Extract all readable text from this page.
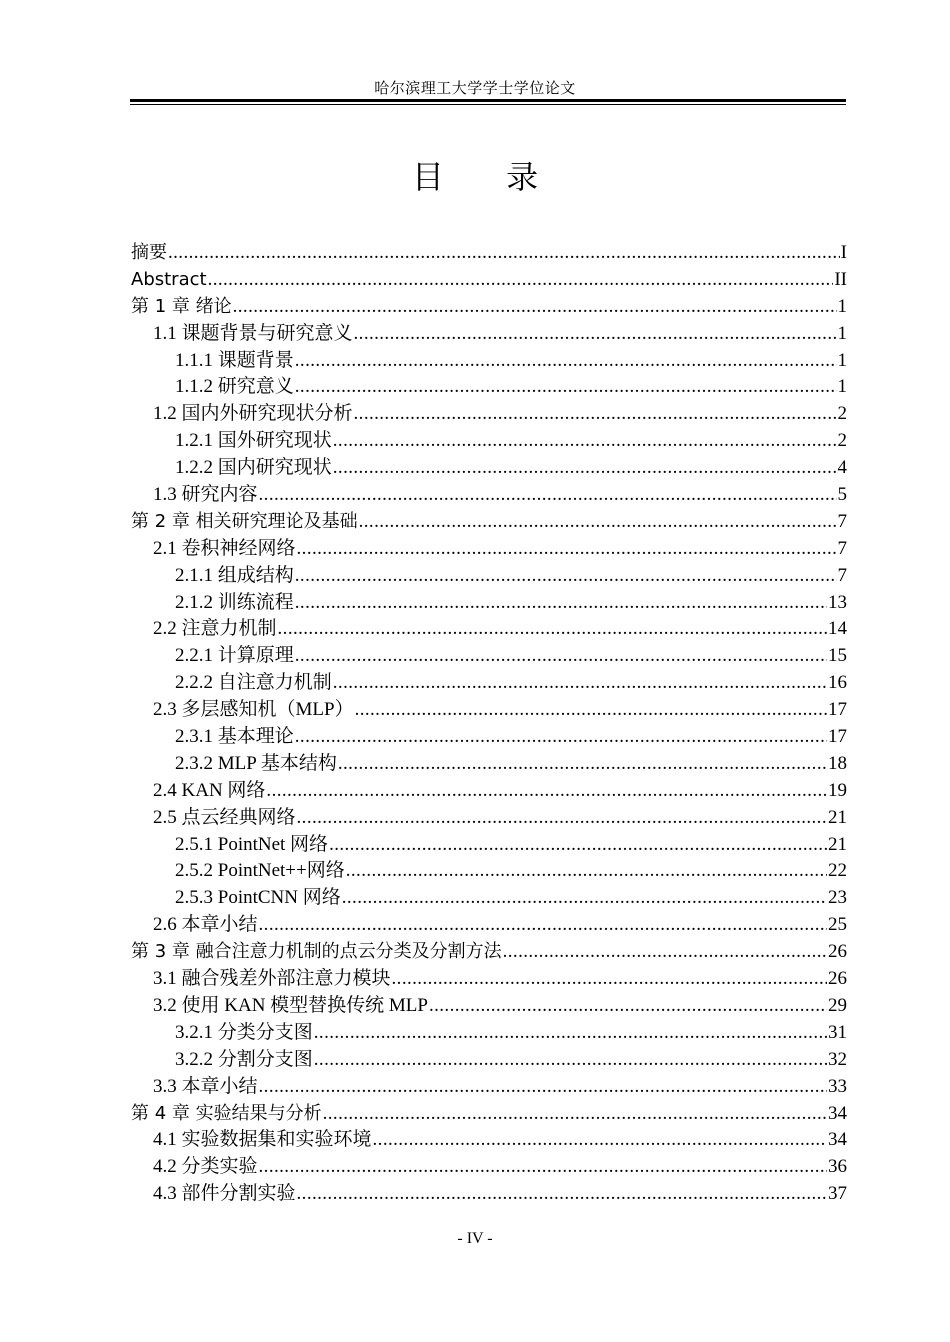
哈尔滨理工大学学士学位论文
目 录
摘要 .....	I
Abstract .....	II
第 1 章 绪论 .....	1
1.1 课题背景与研究意义 .....	1
1.1.1 课题背景 .....	1
1.1.2 研究意义 .....	1
1.2 国内外研究现状分析 .....	2
1.2.1 国外研究现状 .....	2
1.2.2 国内研究现状 .....	4
1.3 研究内容 .....	5
第 2 章 相关研究理论及基础 .....	7
2.1 卷积神经网络 .....	7
2.1.1 组成结构 .....	7
2.1.2 训练流程 .....	13
2.2 注意力机制 .....	14
2.2.1 计算原理 .....	15
2.2.2 自注意力机制 .....	16
2.3 多层感知机（MLP） .....	17
2.3.1 基本理论 .....	17
2.3.2 MLP 基本结构 .....	18
2.4 KAN 网络 .....	19
2.5 点云经典网络 .....	21
2.5.1 PointNet 网络 .....	21
2.5.2 PointNet++网络 .....	22
2.5.3 PointCNN 网络 .....	23
2.6 本章小结 .....	25
第 3 章 融合注意力机制的点云分类及分割方法 .....	26
3.1 融合残差外部注意力模块 .....	26
3.2 使用 KAN 模型替换传统 MLP .....	29
3.2.1 分类分支图 .....	31
3.2.2 分割分支图 .....	32
3.3 本章小结 .....	33
第 4 章 实验结果与分析 .....	34
4.1 实验数据集和实验环境 .....	34
4.2 分类实验 .....	36
4.3 部件分割实验 .....	37
- IV -
